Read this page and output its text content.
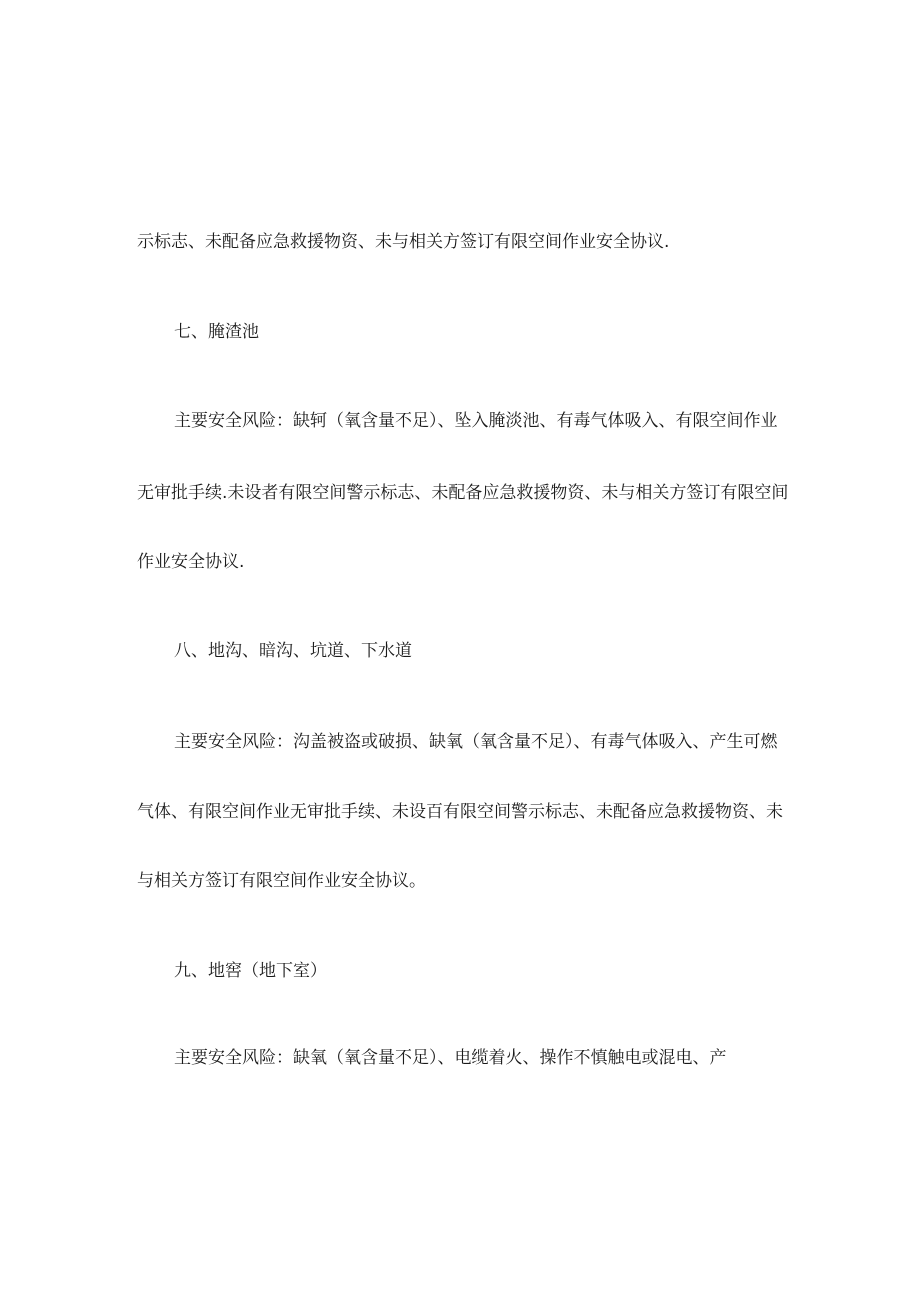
示标志、未配备应急救援物资、未与相关方签订有限空间作业安全协议.
七、腌渣池
主要安全风险：缺轲（氧含量不足）、坠入腌淡池、有毒气体吸入、有限空间作业
无审批手续.未设者有限空间警示标志、未配备应急救援物资、未与相关方签订有限空间
作业安全协议.
八、地沟、暗沟、坑道、下水道
主要安全风险：沟盖被盗或破损、缺氧（氧含量不足）、有毒气体吸入、产生可燃
气体、有限空间作业无审批手续、未设百有限空间警示标志、未配备应急救援物资、未
与相关方签订有限空间作业安全协议。
九、地窖（地下室）
主要安全风险：缺氧（氧含量不足）、电缆着火、操作不慎触电或混电、产
